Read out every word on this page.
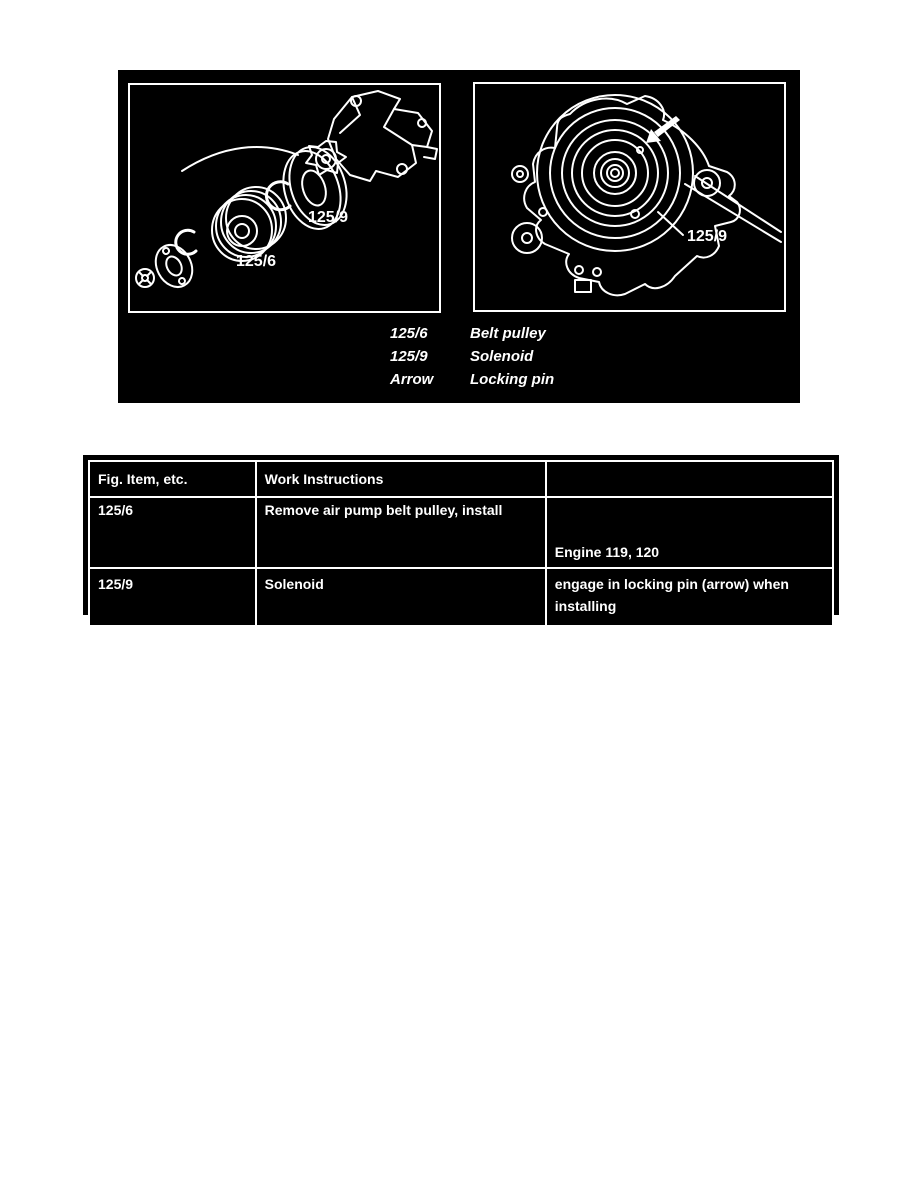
125/9
125/6
125/9
125/6	Belt pulley
125/9	Solenoid
Arrow	Locking pin
Fig. Item, etc.	Work Instructions	
125/6	Remove air pump belt pulley, install	Engine 119, 120
125/9	Solenoid	engage in locking pin (arrow) when installing
